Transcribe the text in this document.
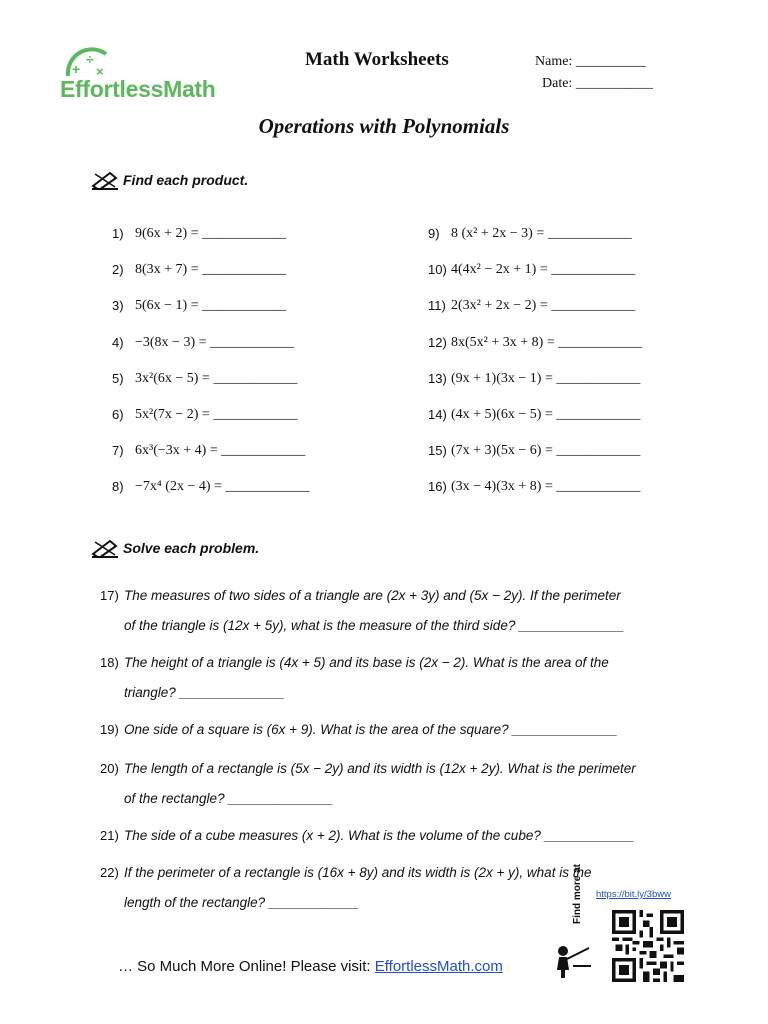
+
÷
×
EffortlessMath
Math Worksheets	Name: __________
Date: ___________
Operations with Polynomials
Find each product.
1) 9(6x + 2) = ____________
2) 8(3x + 7) = ____________
3) 5(6x − 1) = ____________
4) −3(8x − 3) = ____________
5) 3x²(6x − 5) = ____________
6) 5x²(7x − 2) = ____________
7) 6x³(−3x + 4) = ____________
8) −7x⁴ (2x − 4) = ____________
9) 8 (x² + 2x − 3) = ____________
10) 4(4x² − 2x + 1) = ____________
11) 2(3x² + 2x − 2) = ____________
12) 8x(5x² + 3x + 8) = ____________
13) (9x + 1)(3x − 1) = ____________
14) (4x + 5)(6x − 5) = ____________
15) (7x + 3)(5x − 6) = ____________
16) (3x − 4)(3x + 8) = ____________
Solve each problem.
17) The measures of two sides of a triangle are (2x + 3y) and (5x − 2y). If the perimeter
of the triangle is (12x + 5y), what is the measure of the third side? ______________
18) The height of a triangle is (4x + 5) and its base is (2x − 2). What is the area of the
triangle? ______________
19) One side of a square is (6x + 9). What is the area of the square? ______________
20) The length of a rectangle is (5x − 2y) and its width is (12x + 2y). What is the perimeter
of the rectangle? ______________
21) The side of a cube measures (x + 2). What is the volume of the cube? ____________
22) If the perimeter of a rectangle is (16x + 8y) and its width is (2x + y), what is the
length of the rectangle? ____________
… So Much More Online! Please visit: EffortlessMath.com
https://bit.ly/3bww
Find more at
